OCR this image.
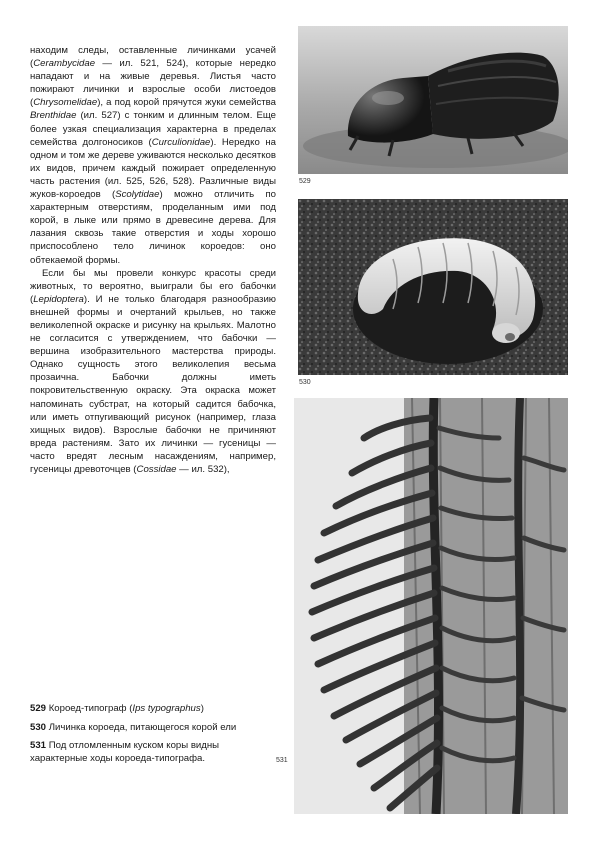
находим следы, оставленные личинками усачей (Cerambycidae — ил. 521, 524), которые нередко нападают и на живые деревья. Листья часто пожирают личинки и взрослые особи листоедов (Chrysomelidae), а под корой прячутся жуки семейства Brenthidae (ил. 527) с тонким и длинным телом. Еще более узкая специализация характерна в пределах семейства долгоносиков (Curculionidae). Нередко на одном и том же дереве уживаются несколько десятков их видов, причем каждый пожирает определенную часть растения (ил. 525, 526, 528). Различные виды жуков-короедов (Scolytidae) можно отличить по характерным отверстиям, проделанным ими под корой, в лыке или прямо в древесине дерева. Для лазания сквозь такие отверстия и ходы хорошо приспособлено тело личинок короедов: оно обтекаемой формы.

Если бы мы провели конкурс красоты среди животных, то вероятно, выиграли бы его бабочки (Lepidoptera). И не только благодаря разнообразию внешней формы и очертаний крыльев, но также великолепной окраске и рисунку на крыльях. Малотно не согласится с утверждением, что бабочки — вершина изобразительного мастерства природы. Однако сущность этого великолепия весьма прозаична. Бабочки должны иметь покровительственную окраску. Эта окраска может напоминать субстрат, на который садится бабочка, или иметь отпугивающий рисунок (например, глаза хищных видов). Взрослые бабочки не причиняют вреда растениям. Зато их личинки — гусеницы — часто вредят лесным насаждениям, например, гусеницы древоточцев (Cossidae — ил. 532),

529
530
531

529 Короед-типограф (Ips typographus)

530 Личинка короеда, питающегося корой ели

531 Под отломленным куском коры видны характерные ходы короеда-типографа.
